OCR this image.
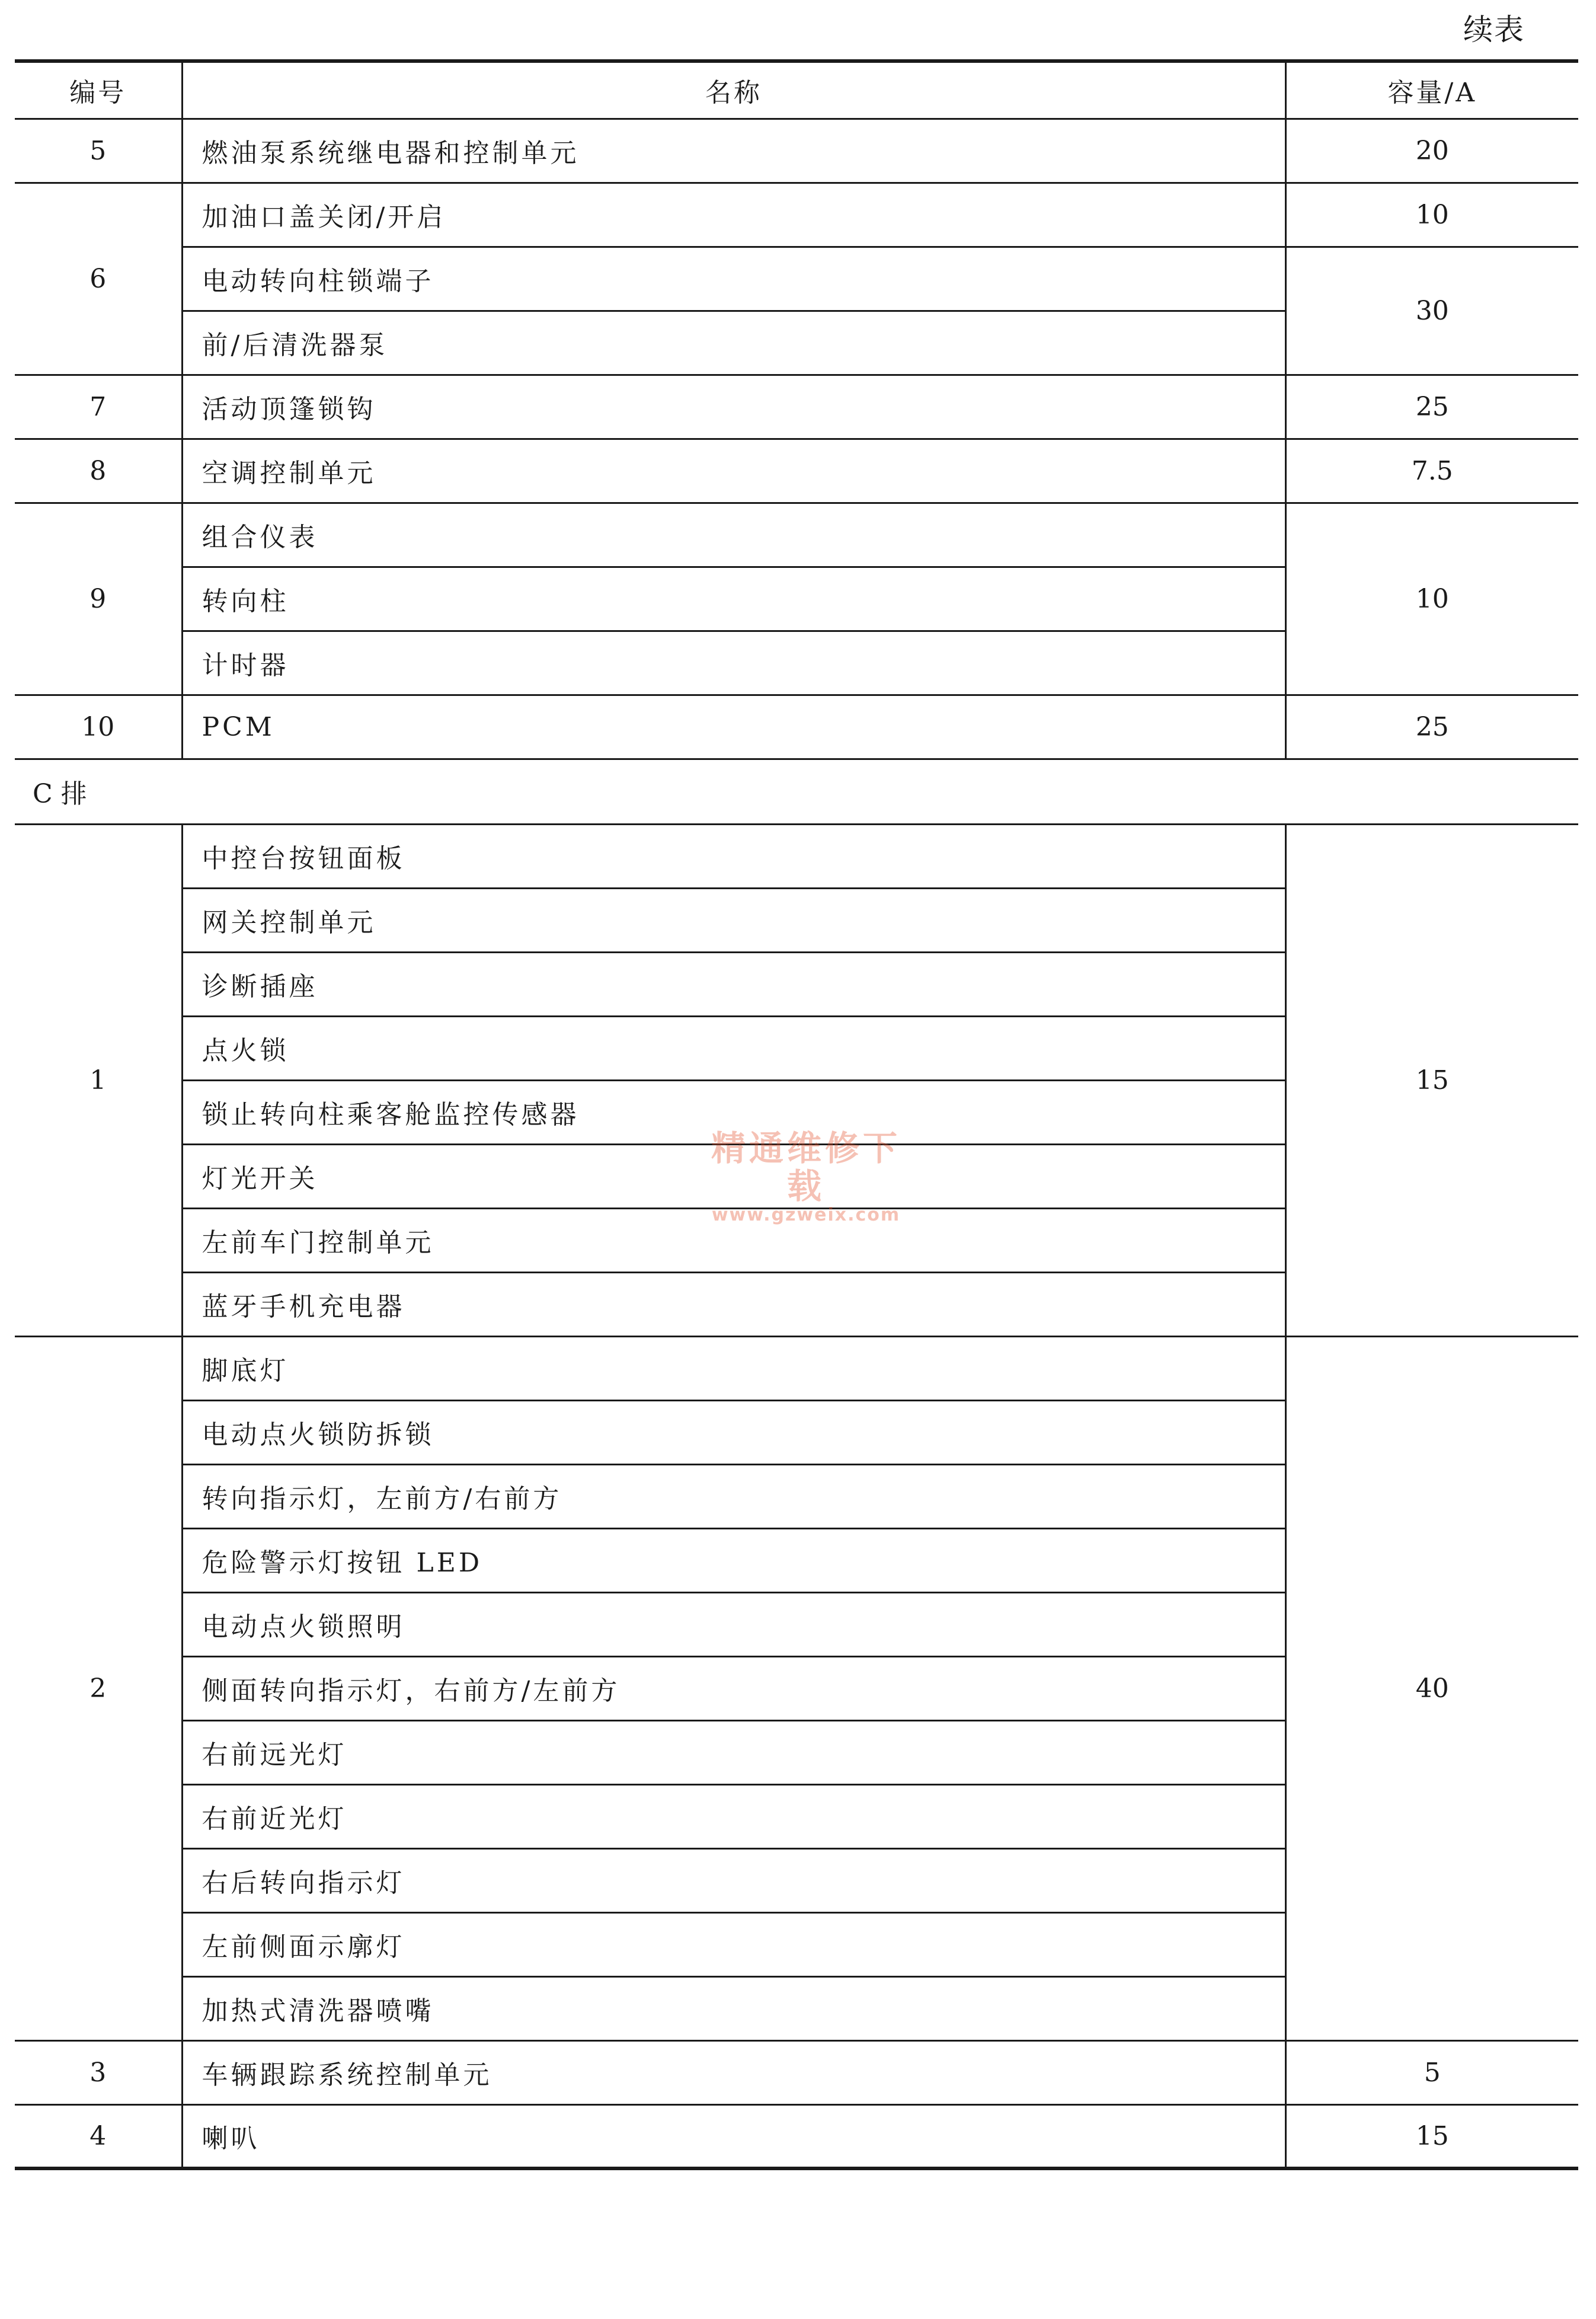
续表

编号	名称	容量/A
5	燃油泵系统继电器和控制单元	20
6	加油口盖关闭/开启	10
	电动转向柱锁端子	30
	前/后清洗器泵	
7	活动顶篷锁钩	25
8	空调控制单元	7.5
9	组合仪表	10
	转向柱	
	计时器	
10	PCM	25
C 排		
1	中控台按钮面板	15
	网关控制单元	
	诊断插座	
	点火锁	
	锁止转向柱乘客舱监控传感器	
	灯光开关	
	左前车门控制单元	
	蓝牙手机充电器	
2	脚底灯	40
	电动点火锁防拆锁	
	转向指示灯，左前方/右前方	
	危险警示灯按钮 LED	
	电动点火锁照明	
	侧面转向指示灯，右前方/左前方	
	右前远光灯	
	右前近光灯	
	右后转向指示灯	
	左前侧面示廓灯	
	加热式清洗器喷嘴	
3	车辆跟踪系统控制单元	5
4	喇叭	15
精通维修下载
www.gzweix.com
